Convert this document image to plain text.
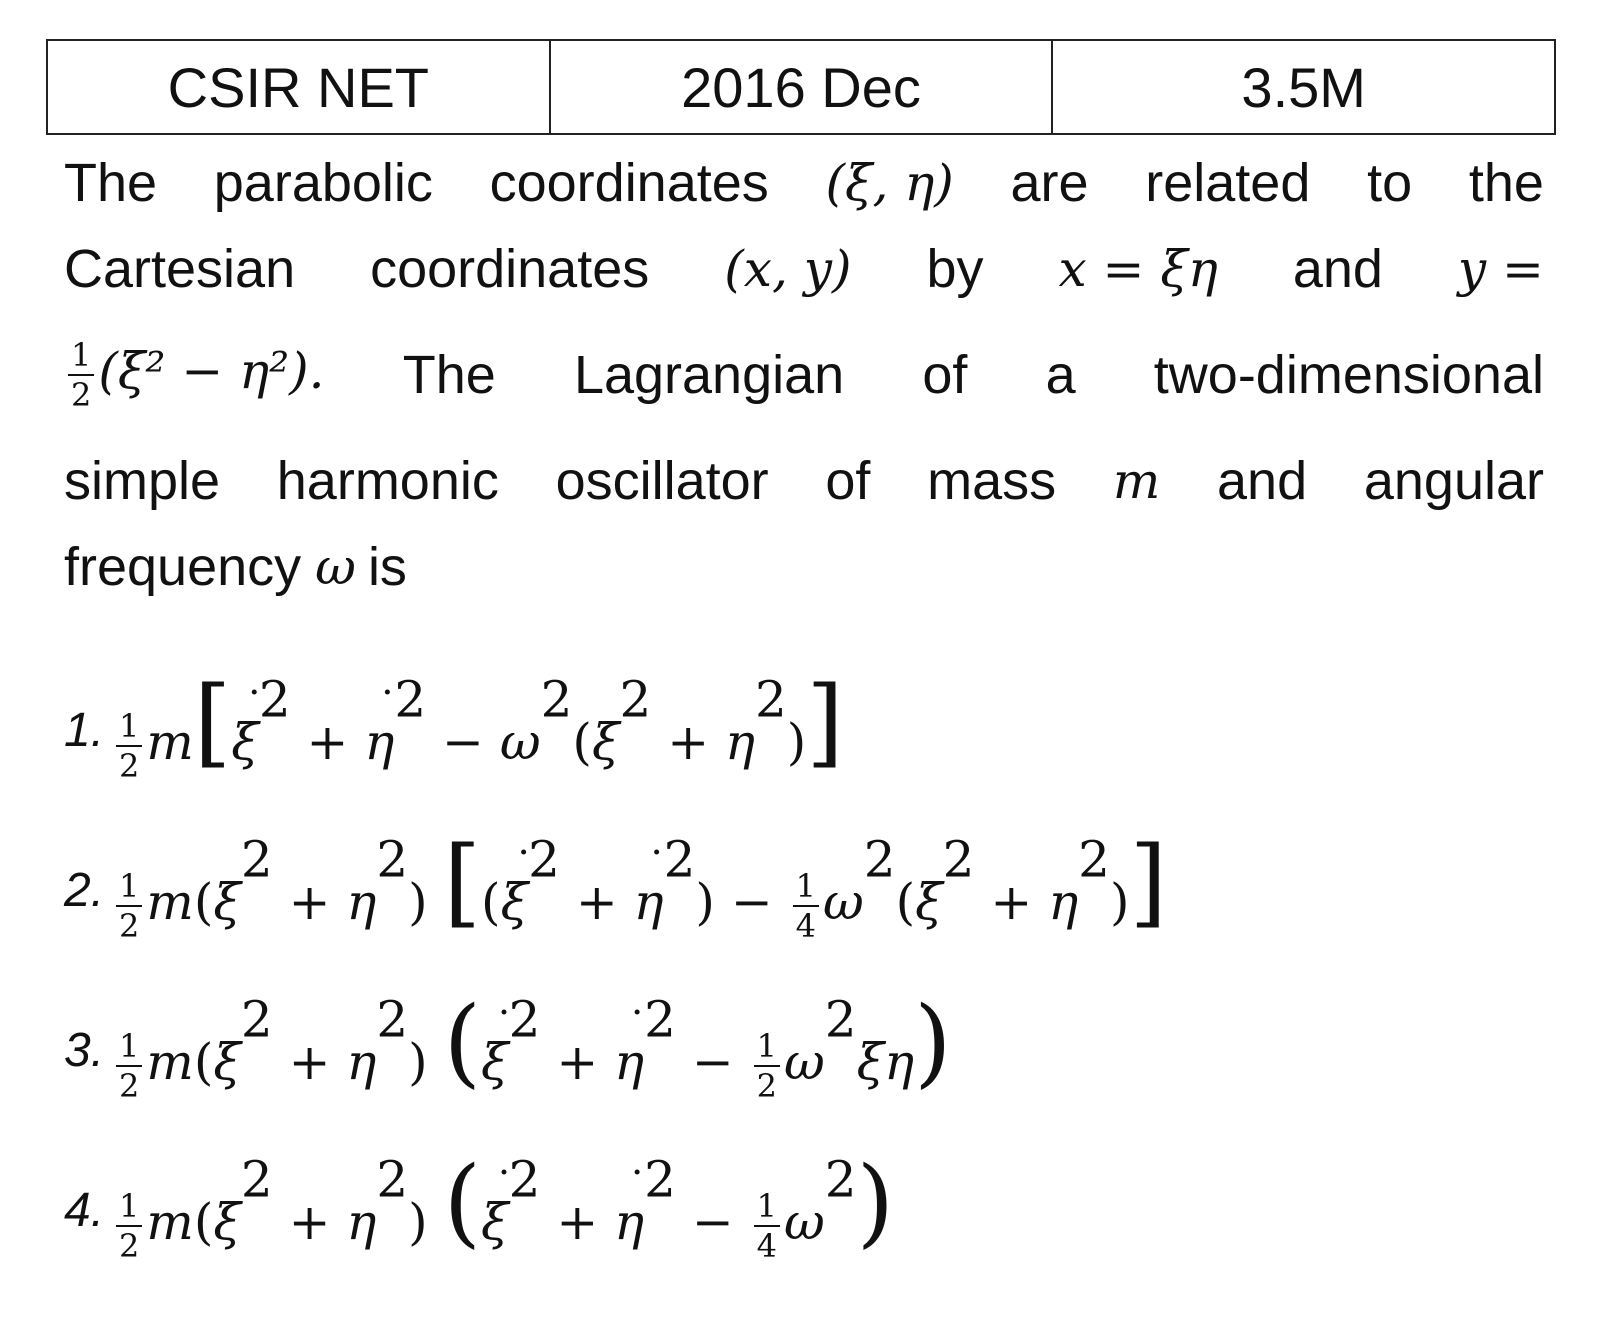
CSIR NET	2016 Dec	3.5M
The parabolic coordinates (ξ, η) are related to the
Cartesian coordinates (x, y) by x = ξη and y =
$\frac{1}{2} (\xi^2 - \eta^2)$. The Lagrangian of a two-dimensional
simple harmonic oscillator of mass m and angular
frequency ω is
1. $\frac{1}{2} m[\xi$ ˙$^2$ + η ˙$^2$ − $\omega^2(\xi^2 + \eta^2)$]
2. $\frac{1}{2} m(\xi^2 + \eta^2)$ [(ξ ˙$^2$ + η ˙$^2$) − $\frac{1}{4} \omega^2(\xi^2 + \eta^2)$]
3. $\frac{1}{2} m(\xi^2 + \eta^2)$ (ξ ˙$^2$ + η ˙$^2$ − $\frac{1}{2} \omega^2\xi\eta$)
4. $\frac{1}{2} m(\xi^2 + \eta^2)$ (ξ ˙$^2$ + η ˙$^2$ − $\frac{1}{4} \omega^2$)
